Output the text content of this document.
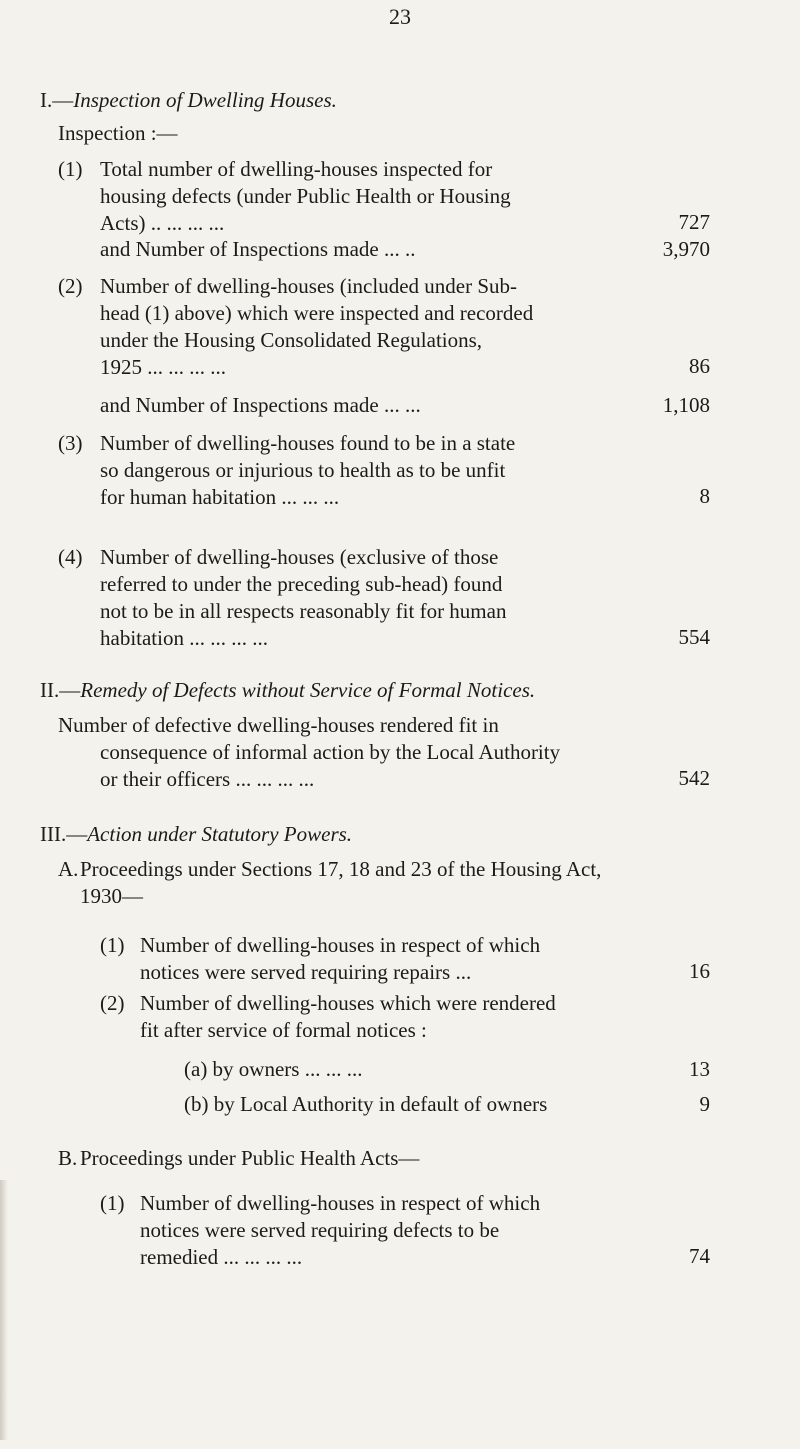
23
I.—Inspection of Dwelling Houses.
Inspection :—
(1) Total number of dwelling-houses inspected for
housing defects (under Public Health or Housing
Acts) .. ... ... ...	727
and Number of Inspections made ... ..	3,970
(2) Number of dwelling-houses (included under Sub-
head (1) above) which were inspected and recorded
under the Housing Consolidated Regulations,
1925 ... ... ... ...	86
and Number of Inspections made ... ...	1,108
(3) Number of dwelling-houses found to be in a state
so dangerous or injurious to health as to be unfit
for human habitation ... ... ...	8
(4) Number of dwelling-houses (exclusive of those
referred to under the preceding sub-head) found
not to be in all respects reasonably fit for human
habitation ... ... ... ...	554
II.—Remedy of Defects without Service of Formal Notices.
Number of defective dwelling-houses rendered fit in
consequence of informal action by the Local Authority
or their officers ... ... ... ...	542
III.—Action under Statutory Powers.
A. Proceedings under Sections 17, 18 and 23 of the Housing Act,
1930—
(1) Number of dwelling-houses in respect of which
notices were served requiring repairs ...	16
(2) Number of dwelling-houses which were rendered
fit after service of formal notices :
(a) by owners ... ... ...	13
(b) by Local Authority in default of owners	9
B. Proceedings under Public Health Acts—
(1) Number of dwelling-houses in respect of which
notices were served requiring defects to be
remedied ... ... ... ...	74
